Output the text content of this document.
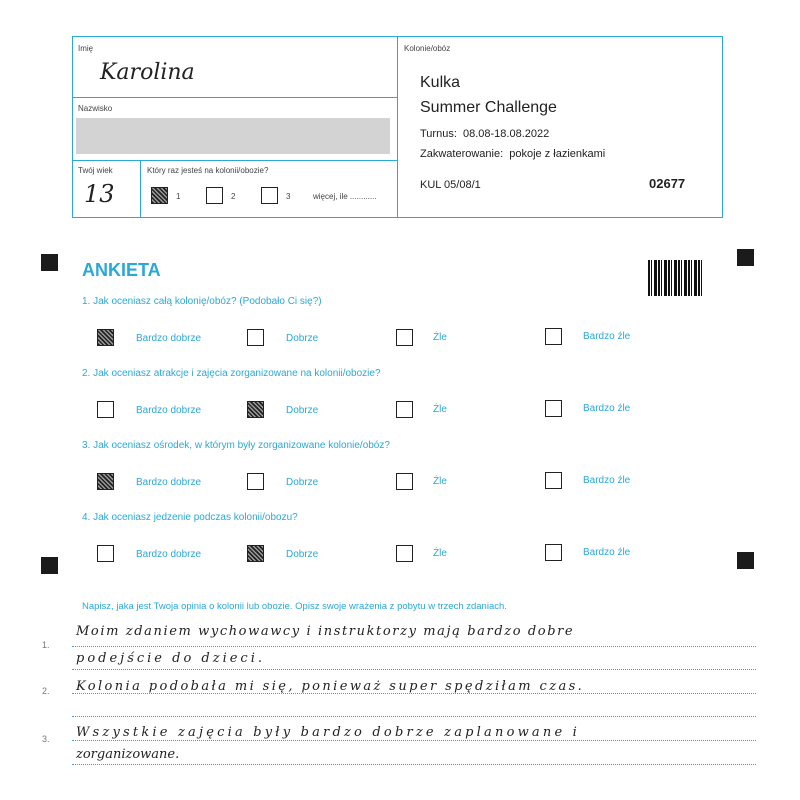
Imię
Karolina
Nazwisko
Twój wiek
13
Który raz jesteś na kolonii/obozie?
1	2	3	więcej, ile ............
Kolonie/obóz
Kulka
Summer Challenge
Turnus:  08.08-18.08.2022
Zakwaterowanie:  pokoje z łazienkami
KUL 05/08/1	02677
ANKIETA
1. Jak oceniasz całą kolonię/obóz? (Podobało Ci się?)
Bardzo dobrze	Dobrze	Źle	Bardzo źle
2. Jak oceniasz atrakcje i zajęcia zorganizowane na kolonii/obozie?
Bardzo dobrze	Dobrze	Źle	Bardzo źle
3. Jak oceniasz ośrodek, w którym były zorganizowane kolonie/obóz?
Bardzo dobrze	Dobrze	Źle	Bardzo źle
4. Jak oceniasz jedzenie podczas kolonii/obozu?
Bardzo dobrze	Dobrze	Źle	Bardzo źle
Napisz, jaka jest Twoja opinia o kolonii lub obozie. Opisz swoje wrażenia z pobytu w trzech zdaniach.
1.
2.
3.
Moim zdaniem wychowawcy i instruktorzy mają bardzo dobre
podejście do dzieci.
Kolonia podobała mi się, ponieważ super spędziłam czas.
Wszystkie zajęcia były bardzo dobrze zaplanowane i
zorganizowane.
